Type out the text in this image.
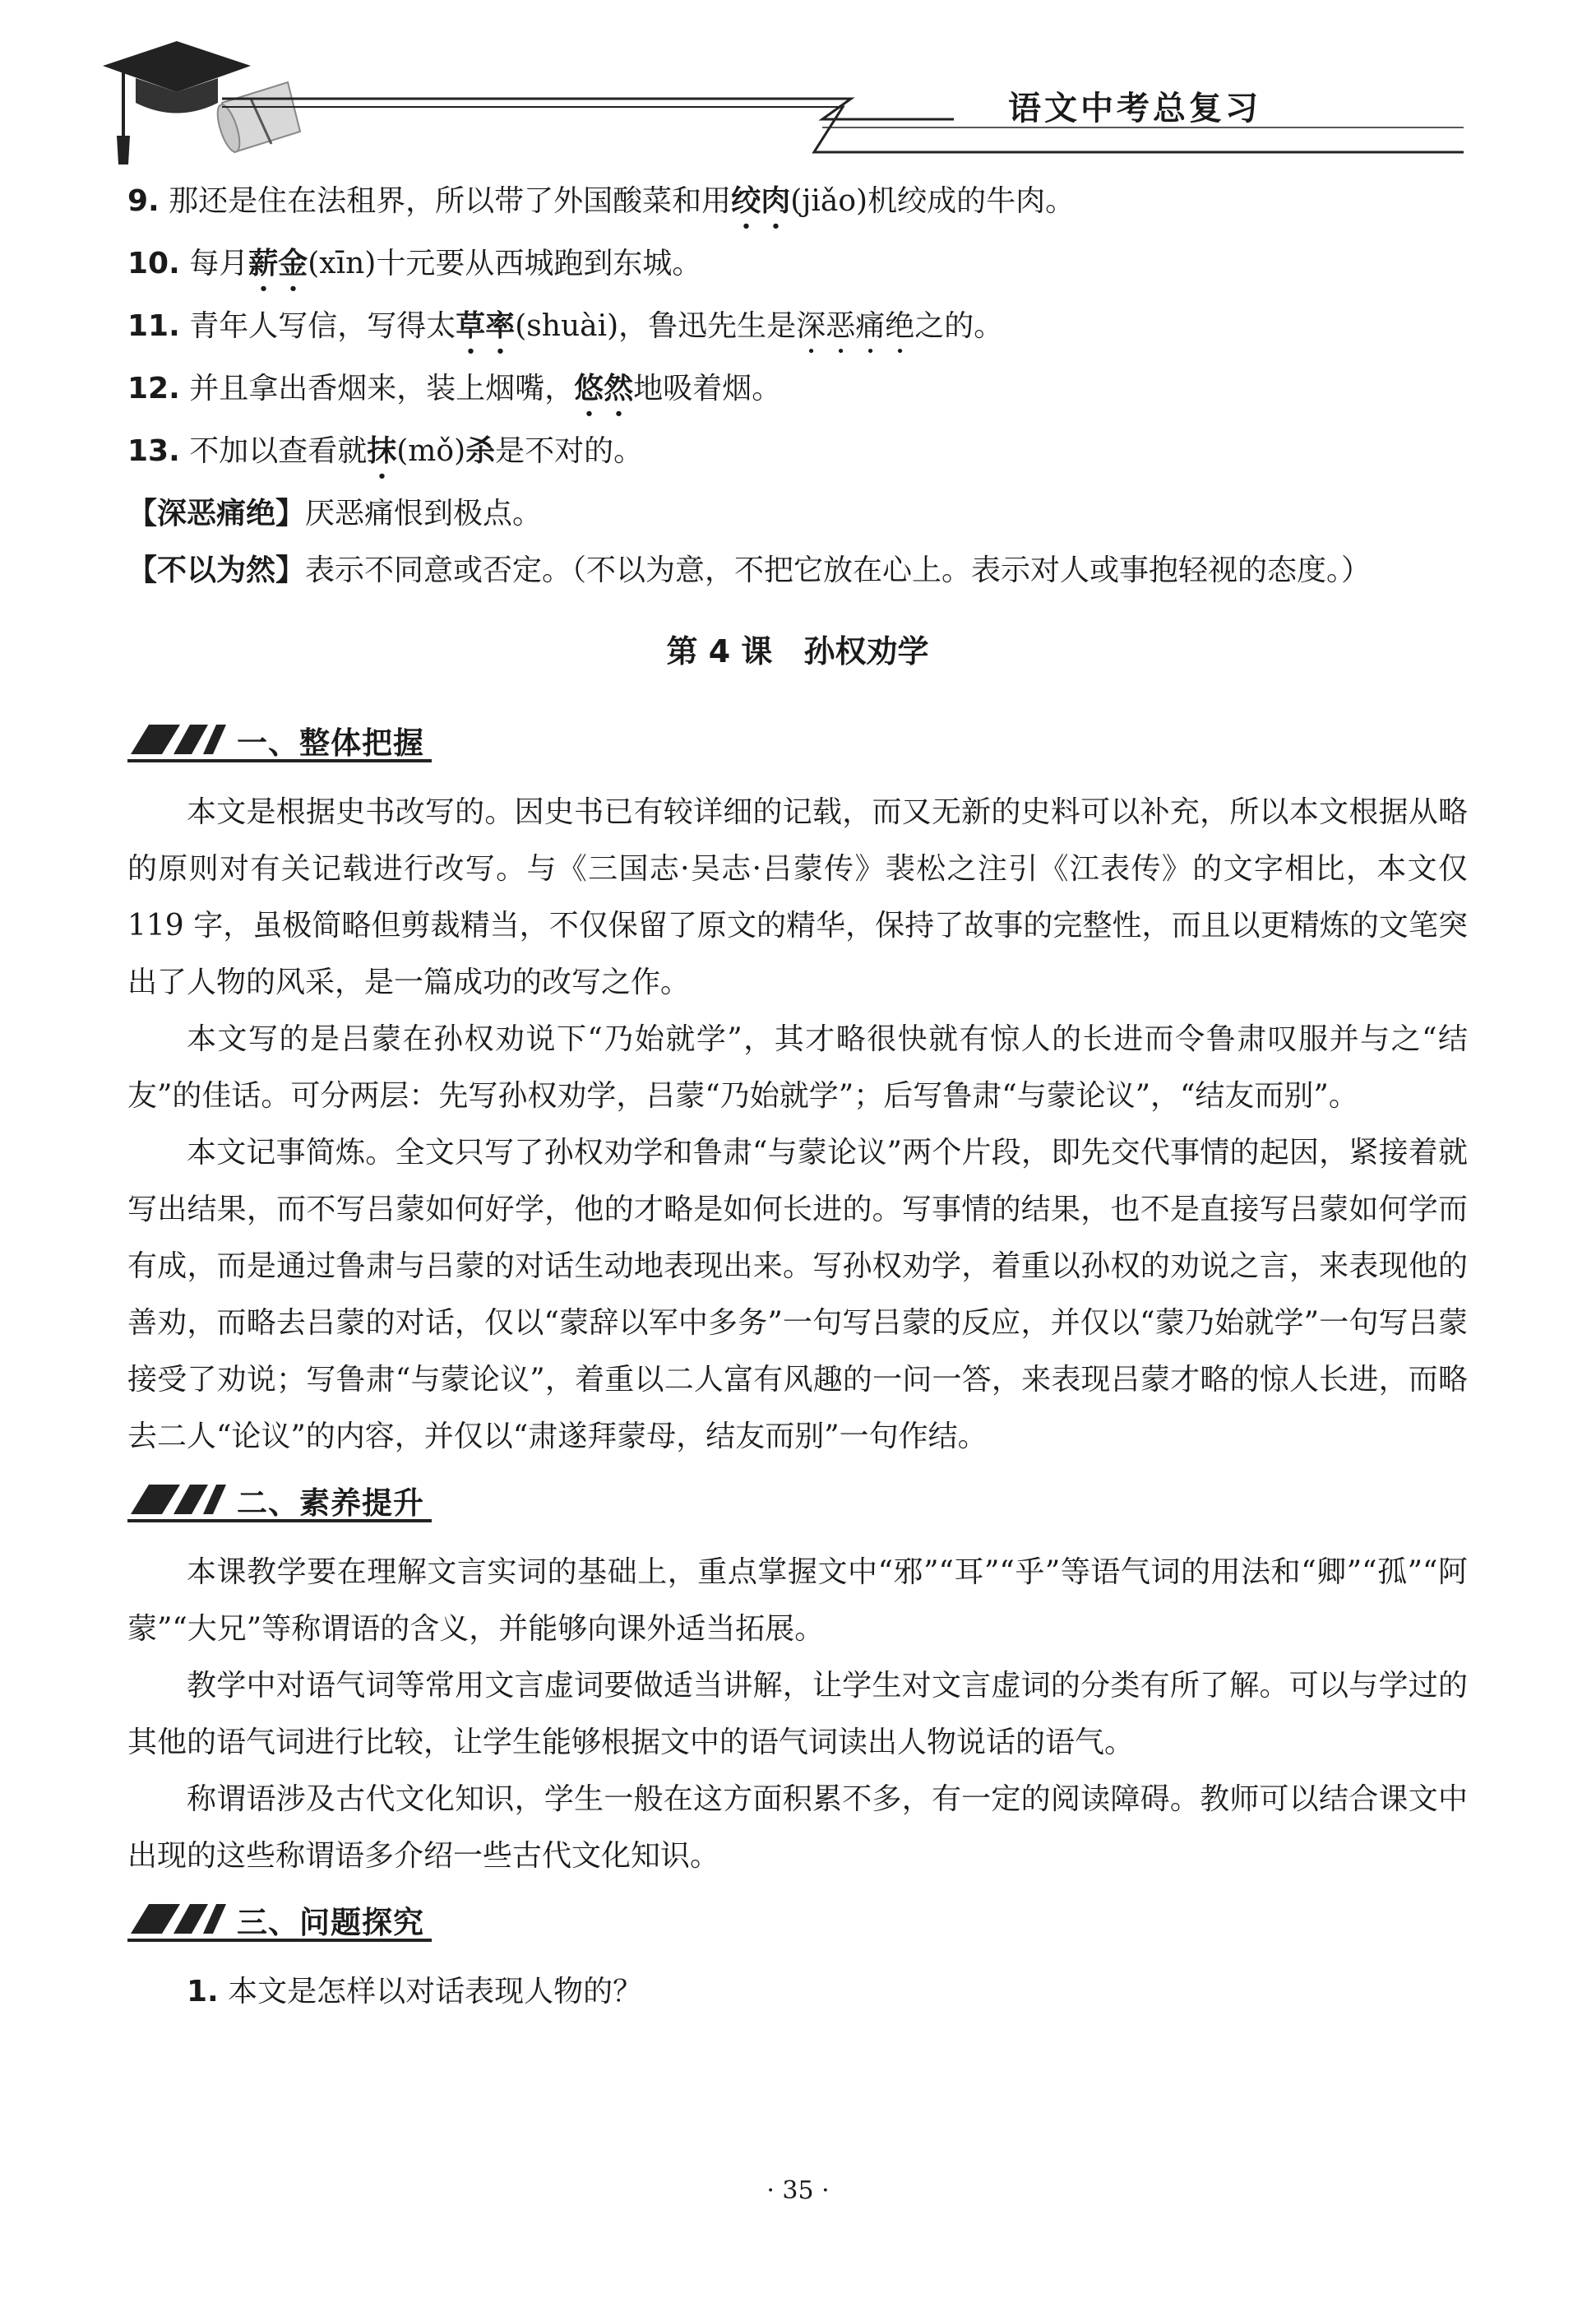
语文中考总复习
9. 那还是住在法租界，所以带了外国酸菜和用绞肉(jiǎo)机绞成的牛肉。
10. 每月薪金(xīn)十元要从西城跑到东城。
11. 青年人写信，写得太草率(shuài)，鲁迅先生是深恶痛绝之的。
12. 并且拿出香烟来，装上烟嘴，悠然地吸着烟。
13. 不加以查看就抹(mǒ)杀是不对的。
【深恶痛绝】厌恶痛恨到极点。
【不以为然】表示不同意或否定。（不以为意，不把它放在心上。表示对人或事抱轻视的态度。）
第 4 课 孙权劝学
一、整体把握

本文是根据史书改写的。因史书已有较详细的记载，而又无新的史料可以补充，所以本文根据从略的原则对有关记载进行改写。与《三国志·吴志·吕蒙传》裴松之注引《江表传》的文字相比，本文仅 119 字，虽极简略但剪裁精当，不仅保留了原文的精华，保持了故事的完整性，而且以更精炼的文笔突出了人物的风采，是一篇成功的改写之作。

本文写的是吕蒙在孙权劝说下“乃始就学”，其才略很快就有惊人的长进而令鲁肃叹服并与之“结友”的佳话。可分两层：先写孙权劝学，吕蒙“乃始就学”；后写鲁肃“与蒙论议”，“结友而别”。

本文记事简炼。全文只写了孙权劝学和鲁肃“与蒙论议”两个片段，即先交代事情的起因，紧接着就写出结果，而不写吕蒙如何好学，他的才略是如何长进的。写事情的结果，也不是直接写吕蒙如何学而有成，而是通过鲁肃与吕蒙的对话生动地表现出来。写孙权劝学，着重以孙权的劝说之言，来表现他的善劝，而略去吕蒙的对话，仅以“蒙辞以军中多务”一句写吕蒙的反应，并仅以“蒙乃始就学”一句写吕蒙接受了劝说；写鲁肃“与蒙论议”，着重以二人富有风趣的一问一答，来表现吕蒙才略的惊人长进，而略去二人“论议”的内容，并仅以“肃遂拜蒙母，结友而别”一句作结。

二、素养提升

本课教学要在理解文言实词的基础上，重点掌握文中“邪”“耳”“乎”等语气词的用法和“卿”“孤”“阿蒙”“大兄”等称谓语的含义，并能够向课外适当拓展。

教学中对语气词等常用文言虚词要做适当讲解，让学生对文言虚词的分类有所了解。可以与学过的其他的语气词进行比较，让学生能够根据文中的语气词读出人物说话的语气。

称谓语涉及古代文化知识，学生一般在这方面积累不多，有一定的阅读障碍。教师可以结合课文中出现的这些称谓语多介绍一些古代文化知识。

三、问题探究
1. 本文是怎样以对话表现人物的？
· 35 ·
